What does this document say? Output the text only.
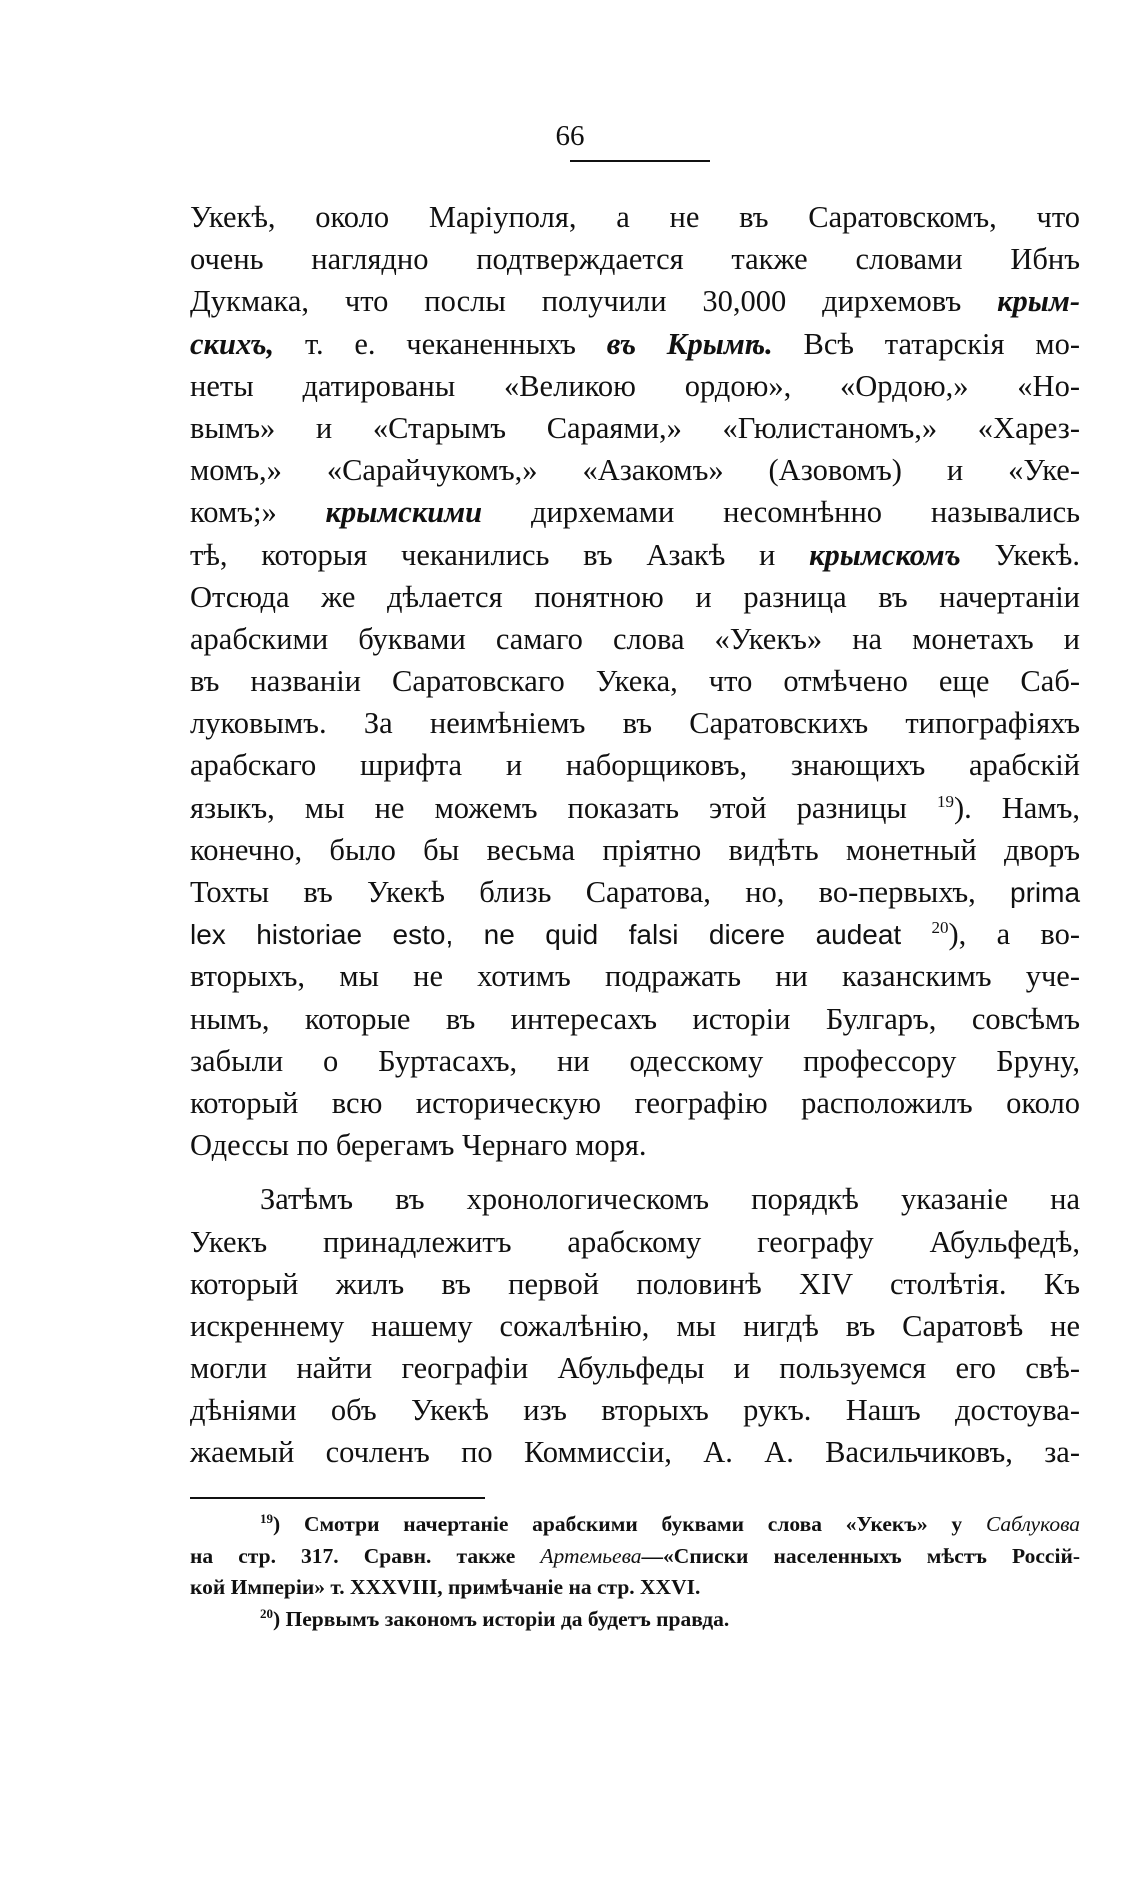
66
Укекѣ, около Маріуполя, а не въ Саратовскомъ, что
очень наглядно подтверждается также словами Ибнъ
Дукмака, что послы получили 30,000 дирхемовъ крым-
скихъ, т. е. чеканенныхъ въ Крымѣ. Всѣ татарскія мо-
неты датированы «Великою ордою», «Ордою,» «Но-
вымъ» и «Старымъ Сараями,» «Гюлистаномъ,» «Харез-
момъ,» «Сарайчукомъ,» «Азакомъ» (Азовомъ) и «Уке-
комъ;» крымскими дирхемами несомнѣнно назывались
тѣ, которыя чеканились въ Азакѣ и крымскомъ Укекѣ.
Отсюда же дѣлается понятною и разница въ начертаніи
арабскими буквами самаго слова «Укекъ» на монетахъ и
въ названіи Саратовскаго Укека, что отмѣчено еще Саб-
луковымъ. За неимѣніемъ въ Саратовскихъ типографіяхъ
арабскаго шрифта и наборщиковъ, знающихъ арабскій
языкъ, мы не можемъ показать этой разницы $^{19}$). Намъ,
конечно, было бы весьма пріятно видѣть монетный дворъ
Тохты въ Укекѣ близь Саратова, но, во-первыхъ, prima
lex historiae esto, ne quid falsi dicere audeat $^{20}$), а во-
вторыхъ, мы не хотимъ подражать ни казанскимъ уче-
нымъ, которые въ интересахъ исторіи Булгаръ, совсѣмъ
забыли о Буртасахъ, ни одесскому профессору Бруну,
который всю историческую географію расположилъ около
Одессы по берегамъ Чернаго моря.
Затѣмъ въ хронологическомъ порядкѣ указаніе на
Укекъ принадлежитъ арабскому географу Абульфедѣ,
который жилъ въ первой половинѣ XIV столѣтія. Къ
искреннему нашему сожалѣнію, мы нигдѣ въ Саратовѣ не
могли найти географіи Абульфеды и пользуемся его свѣ-
дѣніями объ Укекѣ изъ вторыхъ рукъ. Нашъ достоува-
жаемый сочленъ по Коммиссіи, А. А. Васильчиковъ, за-
$^{19}$) Смотри начертаніе арабскими буквами слова «Укекъ» у Саблукова
на стр. 317. Сравн. также Артемьева—«Списки населенныхъ мѣстъ Россій-
кой Имперіи» т. XXXVIII, примѣчаніе на стр. XXVI.
$^{20}$) Первымъ закономъ исторіи да будетъ правда.
